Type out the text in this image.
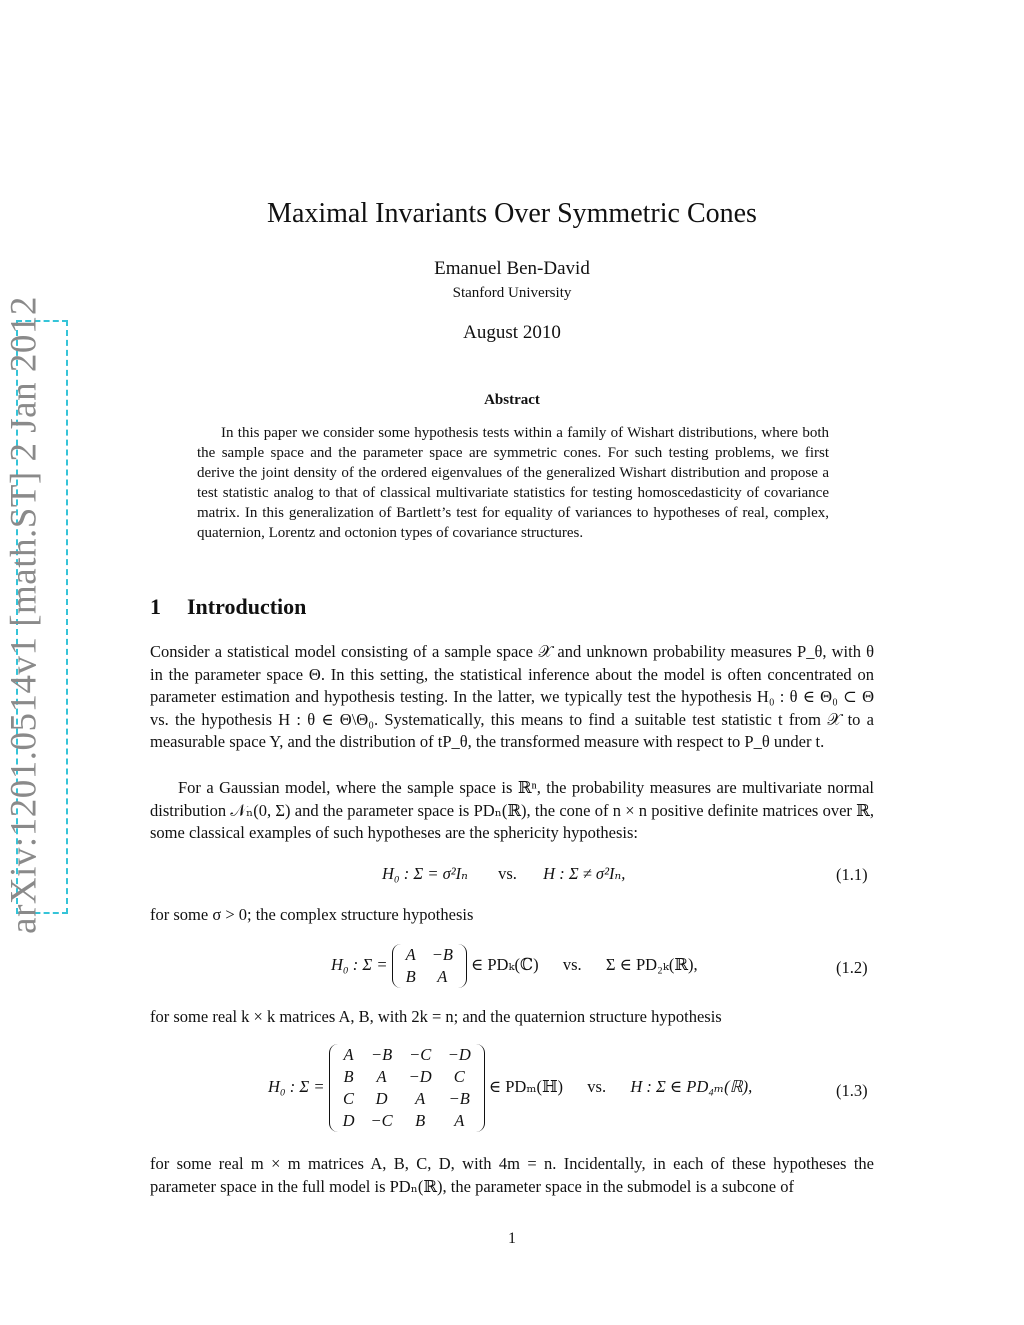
arXiv:1201.0514v1 [math.ST] 2 Jan 2012
Maximal Invariants Over Symmetric Cones
Emanuel Ben-David
Stanford University
August 2010
Abstract
In this paper we consider some hypothesis tests within a family of Wishart distributions, where both the sample space and the parameter space are symmetric cones. For such testing problems, we first derive the joint density of the ordered eigenvalues of the generalized Wishart distribution and propose a test statistic analog to that of classical multivariate statistics for testing homoscedasticity of covariance matrix. In this generalization of Bartlett’s test for equality of variances to hypotheses of real, complex, quaternion, Lorentz and octonion types of covariance structures.
1 Introduction
Consider a statistical model consisting of a sample space 𝒳 and unknown probability measures P_θ, with θ in the parameter space Θ. In this setting, the statistical inference about the model is often concentrated on parameter estimation and hypothesis testing. In the latter, we typically test the hypothesis H₀ : θ ∈ Θ₀ ⊂ Θ vs. the hypothesis H : θ ∈ Θ\Θ₀. Systematically, this means to find a suitable test statistic t from 𝒳 to a measurable space Y, and the distribution of tP_θ, the transformed measure with respect to P_θ under t.
For a Gaussian model, where the sample space is ℝⁿ, the probability measures are multivariate normal distribution 𝒩ₙ(0, Σ) and the parameter space is PDₙ(ℝ), the cone of n × n positive definite matrices over ℝ, some classical examples of such hypotheses are the sphericity hypothesis:
H₀ : Σ = σ²Iₙ vs. H : Σ ≠ σ²Iₙ,	(1.1)
for some σ > 0; the complex structure hypothesis
H₀ : Σ =
A	−B
B	A
∈ PDₖ(ℂ) vs. Σ ∈ PD₂ₖ(ℝ),	(1.2)
for some real k × k matrices A, B, with 2k = n; and the quaternion structure hypothesis
H₀ : Σ =
A	−B	−C	−D
B	A	−D	C
C	D	A	−B
D	−C	B	A
∈ PDₘ(ℍ) vs. H : Σ ∈ PD₄ₘ(ℝ),	(1.3)
for some real m × m matrices A, B, C, D, with 4m = n. Incidentally, in each of these hypotheses the parameter space in the full model is PDₙ(ℝ), the parameter space in the submodel is a subcone of
1
